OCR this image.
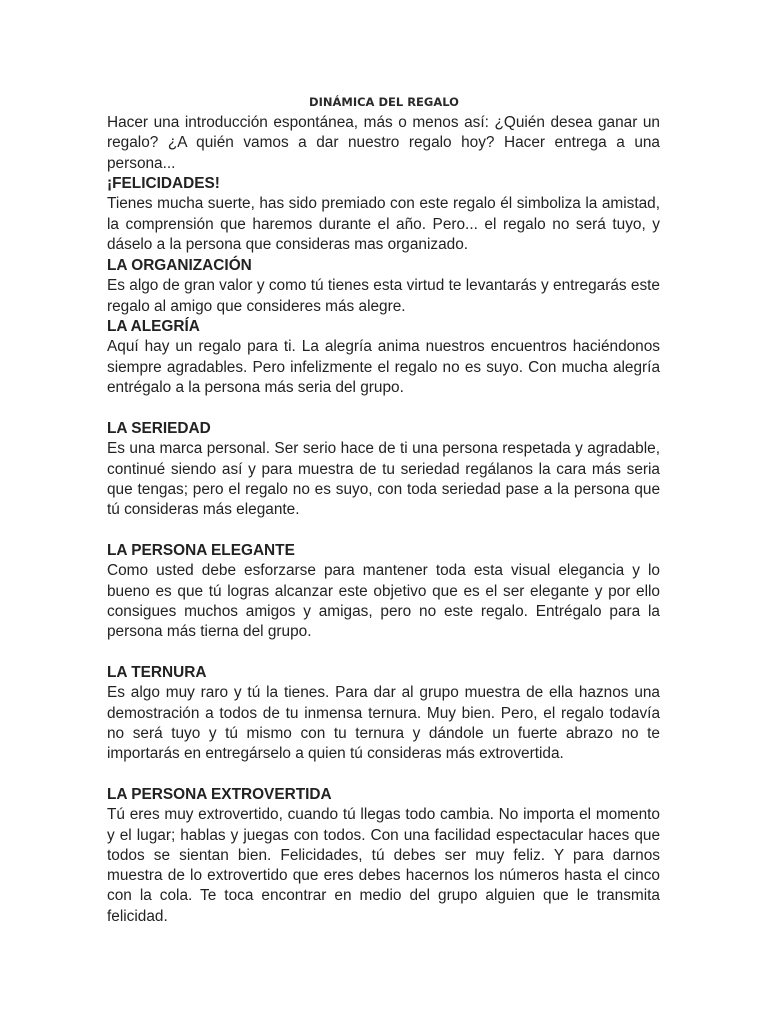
DINÁMICA DEL REGALO

Hacer una introducción espontánea, más o menos así: ¿Quién desea ganar un regalo? ¿A quién vamos a dar nuestro regalo hoy? Hacer entrega a una persona...

¡FELICIDADES!

Tienes mucha suerte, has sido premiado con este regalo él simboliza la amistad, la comprensión que haremos durante el año. Pero... el regalo no será tuyo, y dáselo a la persona que consideras mas organizado.

LA ORGANIZACIÓN

Es algo de gran valor y como tú tienes esta virtud te levantarás y entregarás este regalo al amigo que consideres más alegre.

LA ALEGRÍA

Aquí hay un regalo para ti. La alegría anima nuestros encuentros haciéndonos siempre agradables. Pero infelizmente el regalo no es suyo. Con mucha alegría entrégalo a la persona más seria del grupo.

LA SERIEDAD

Es una marca personal. Ser serio hace de ti una persona respetada y agradable, continué siendo así y para muestra de tu seriedad regálanos la cara más seria que tengas; pero el regalo no es suyo, con toda seriedad pase a la persona que tú consideras más elegante.

LA PERSONA ELEGANTE

Como usted debe esforzarse para mantener toda esta visual elegancia y lo bueno es que tú logras alcanzar este objetivo que es el ser elegante y por ello consigues muchos amigos y amigas, pero no este regalo. Entrégalo para la persona más tierna del grupo.

LA TERNURA

Es algo muy raro y tú la tienes. Para dar al grupo muestra de ella haznos una demostración a todos de tu inmensa ternura. Muy bien. Pero, el regalo todavía no será tuyo y tú mismo con tu ternura y dándole un fuerte abrazo no te importarás en entregárselo a quien tú consideras más extrovertida.

LA PERSONA EXTROVERTIDA

Tú eres muy extrovertido, cuando tú llegas todo cambia. No importa el momento y el lugar; hablas y juegas con todos. Con una facilidad espectacular haces que todos se sientan bien. Felicidades, tú debes ser muy feliz. Y para darnos muestra de lo extrovertido que eres debes hacernos los números hasta el cinco con la cola. Te toca encontrar en medio del grupo alguien que le transmita felicidad.
